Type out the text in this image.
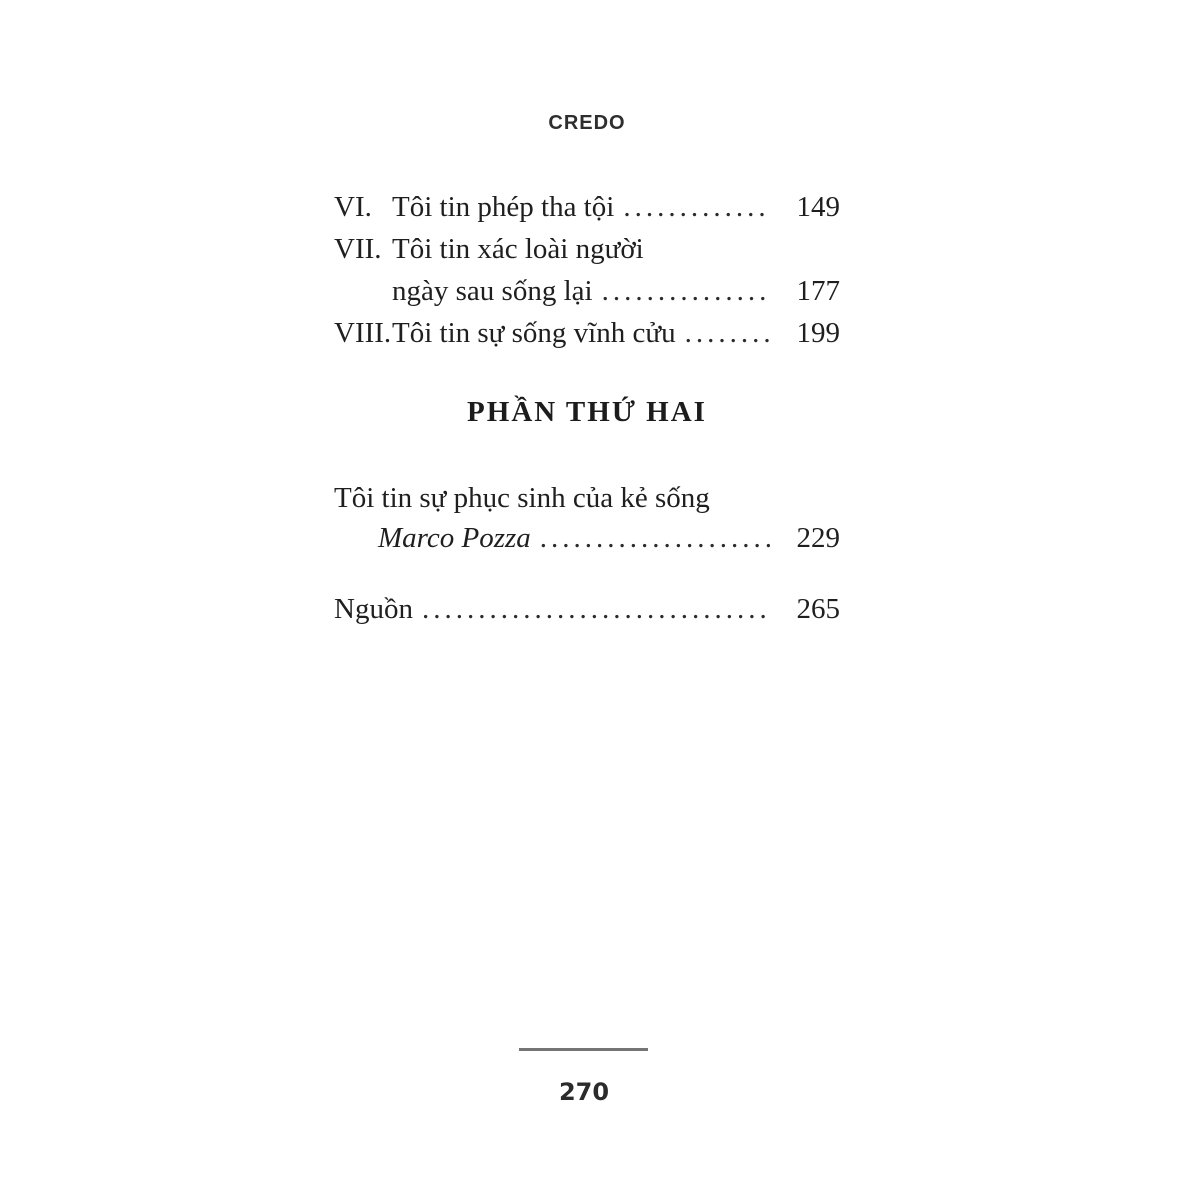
CREDO
VI. Tôi tin phép tha tội .....	149
VII. Tôi tin xác loài người
ngày sau sống lại .....	177
VIII. Tôi tin sự sống vĩnh cửu .....	199
PHẦN THỨ HAI
Tôi tin sự phục sinh của kẻ sống
Marco Pozza .....	229
Nguồn .....	265
270
